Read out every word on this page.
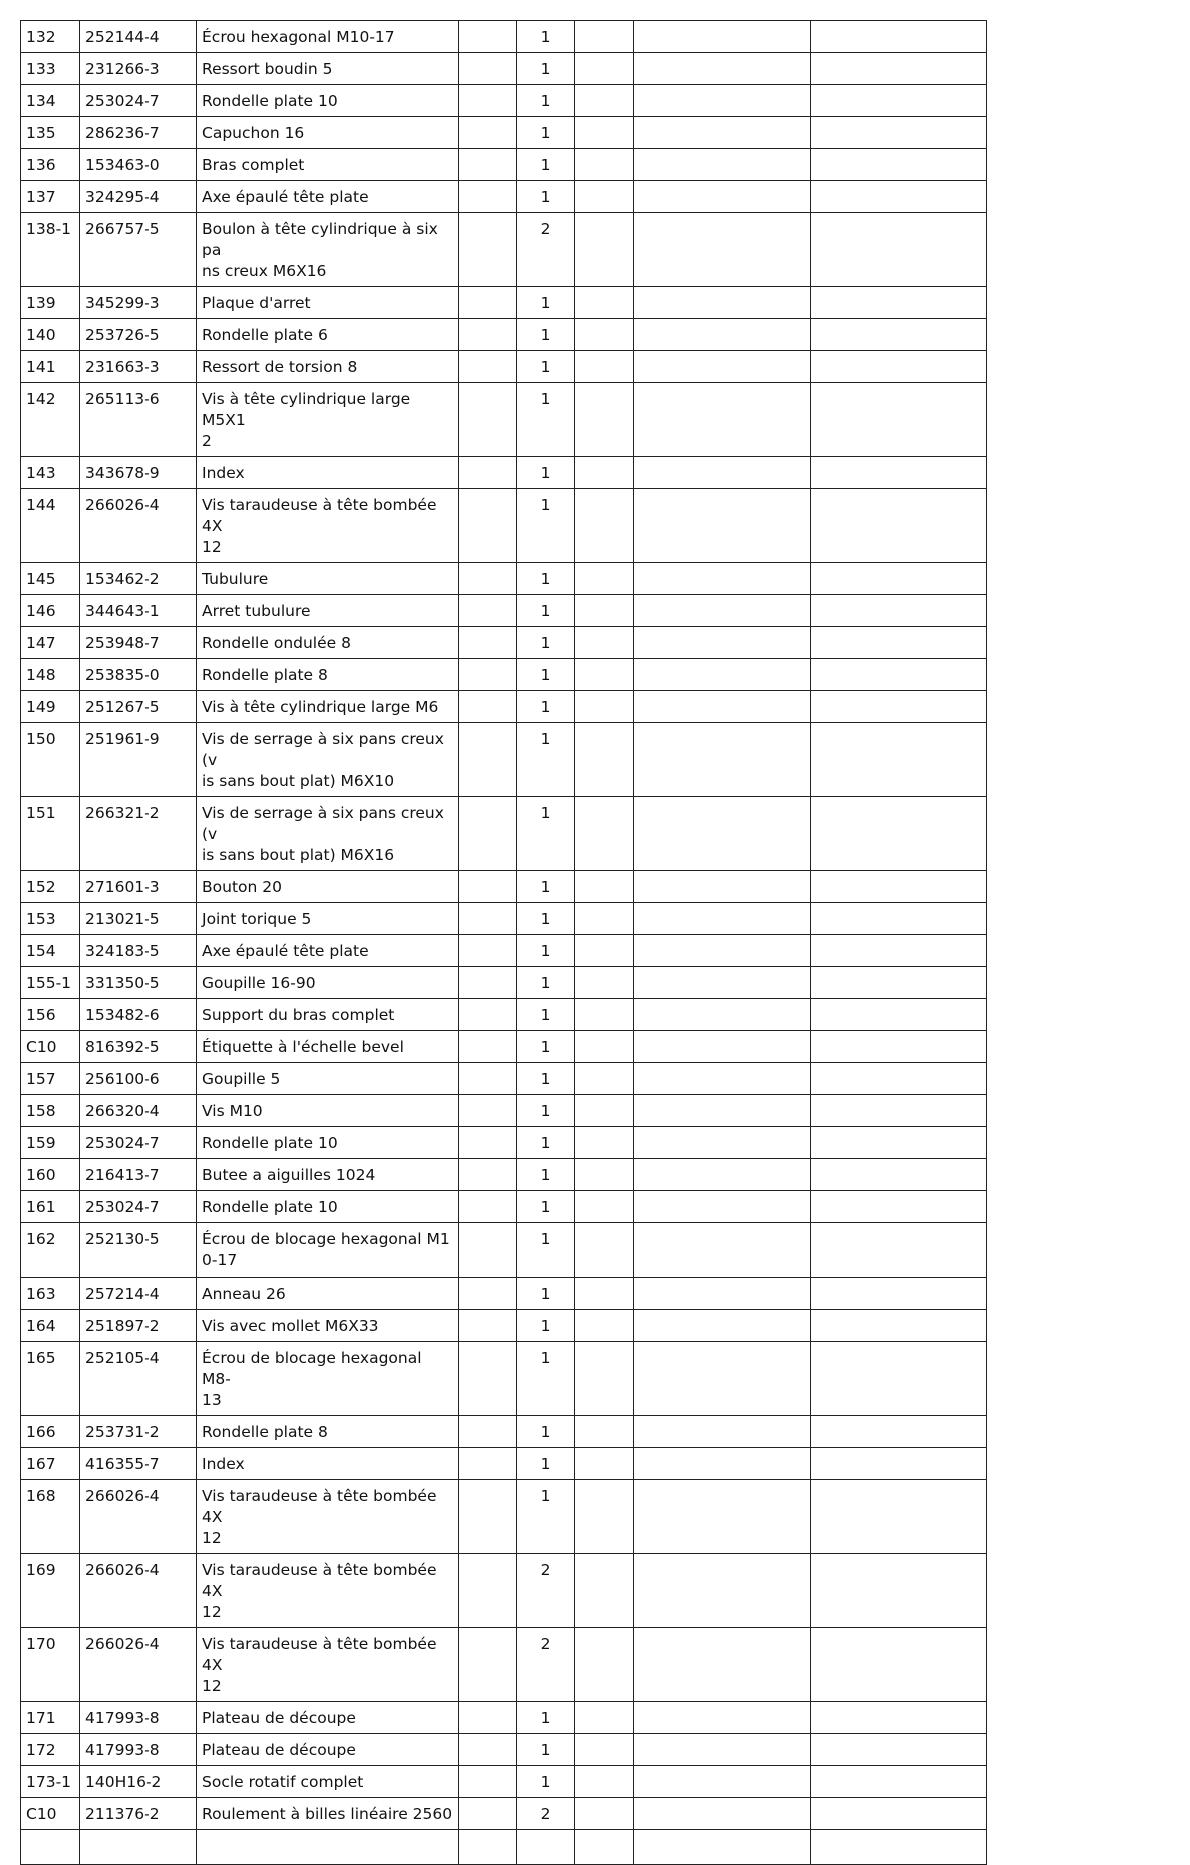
132	252144-4	Écrou hexagonal M10-17		1			
133	231266-3	Ressort boudin 5		1			
134	253024-7	Rondelle plate 10		1			
135	286236-7	Capuchon 16		1			
136	153463-0	Bras complet		1			
137	324295-4	Axe épaulé tête plate		1			
138-1	266757-5	Boulon à tête cylindrique à six pa
ns creux M6X16		2			
139	345299-3	Plaque d'arret		1			
140	253726-5	Rondelle plate 6		1			
141	231663-3	Ressort de torsion 8		1			
142	265113-6	Vis à tête cylindrique large M5X1
2		1			
143	343678-9	Index		1			
144	266026-4	Vis taraudeuse à tête bombée 4X
12		1			
145	153462-2	Tubulure		1			
146	344643-1	Arret tubulure		1			
147	253948-7	Rondelle ondulée 8		1			
148	253835-0	Rondelle plate 8		1			
149	251267-5	Vis à tête cylindrique large M6		1			
150	251961-9	Vis de serrage à six pans creux (v
is sans bout plat) M6X10		1			
151	266321-2	Vis de serrage à six pans creux (v
is sans bout plat) M6X16		1			
152	271601-3	Bouton 20		1			
153	213021-5	Joint torique 5		1			
154	324183-5	Axe épaulé tête plate		1			
155-1	331350-5	Goupille 16-90		1			
156	153482-6	Support du bras complet		1			
C10	816392-5	Étiquette à l'échelle bevel		1			
157	256100-6	Goupille 5		1			
158	266320-4	Vis M10		1			
159	253024-7	Rondelle plate 10		1			
160	216413-7	Butee a aiguilles 1024		1			
161	253024-7	Rondelle plate 10		1			
162	252130-5	Écrou de blocage hexagonal M1
0-17		1			
163	257214-4	Anneau 26		1			
164	251897-2	Vis avec mollet M6X33		1			
165	252105-4	Écrou de blocage hexagonal M8-
13		1			
166	253731-2	Rondelle plate 8		1			
167	416355-7	Index		1			
168	266026-4	Vis taraudeuse à tête bombée 4X
12		1			
169	266026-4	Vis taraudeuse à tête bombée 4X
12		2			
170	266026-4	Vis taraudeuse à tête bombée 4X
12		2			
171	417993-8	Plateau de découpe		1			
172	417993-8	Plateau de découpe		1			
173-1	140H16-2	Socle rotatif complet		1			
C10	211376-2	Roulement à billes linéaire 2560		2			
